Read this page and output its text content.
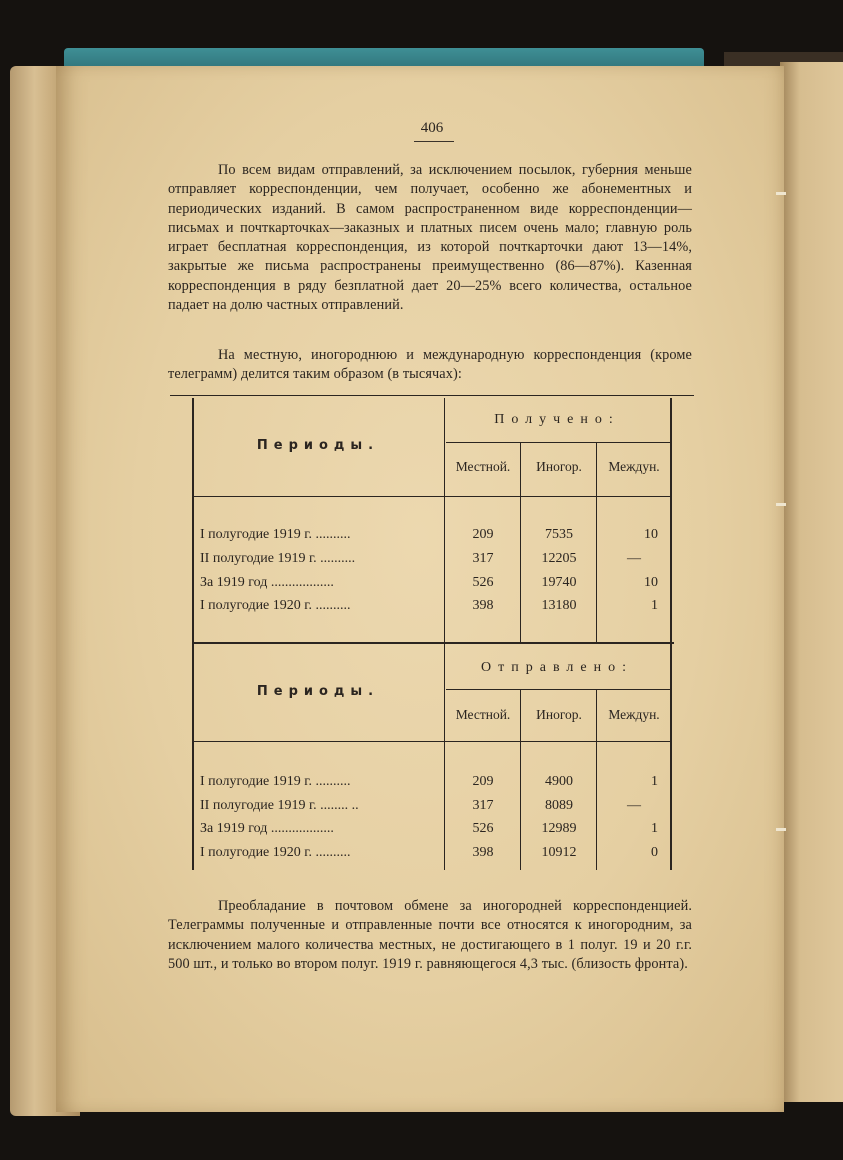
406

По всем видам отправлений, за исключением посылок, губерния меньше отправляет корреспонденции, чем получает, особенно же абонементных и периодических изданий. В самом распространенном виде корреспонденции—письмах и почткарточках—заказных и платных писем очень мало; главную роль играет бесплатная корреспонденция, из которой почткарточки дают 13—14%, закрытые же письма распространены преимущественно (86—87%). Казенная корреспонденция в ряду безплатной дает 20—25% всего количества, остальное падает на долю частных отправлений.

На местную, иногороднюю и международную корреспонденция (кроме телеграмм) делится таким образом (в тысячах):

Периоды.
Получено:
Местной.	Иногор.	Междун.
I полугодие 1919 г. ..........	209	7535	10
II полугодие 1919 г. ..........	317	12205	—
За 1919 год ..................	526	19740	10
I полугодие 1920 г. ..........	398	13180	1
Периоды.
Отправлено:
Местной.	Иногор.	Междун.
I полугодие 1919 г. ..........	209	4900	1
II полугодие 1919 г. ........ ..	317	8089	—
За 1919 год ..................	526	12989	1
I полугодие 1920 г. ..........	398	10912	0

Преобладание в почтовом обмене за иногородней корреспонденцией. Телеграммы полученные и отправленные почти все относятся к иногородним, за исключением малого количества местных, не достигающего в 1 полуг. 19 и 20 г.г. 500 шт., и только во втором полуг. 1919 г. равняющегося 4,3 тыс. (близость фронта).
